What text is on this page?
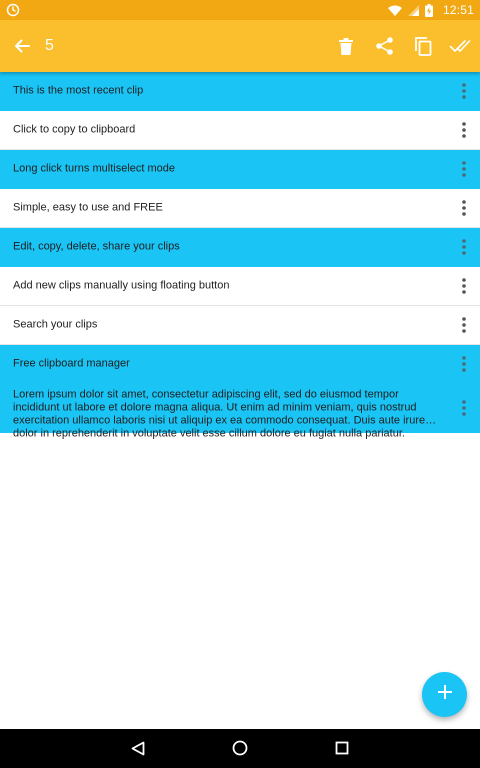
12:51
5
This is the most recent clip
Click to copy to clipboard
Long click turns multiselect mode
Simple, easy to use and FREE
Edit, copy, delete, share your clips
Add new clips manually using floating button
Search your clips
Free clipboard manager
Lorem ipsum dolor sit amet, consectetur adipiscing elit, sed do eiusmod tempor incididunt ut labore et dolore magna aliqua. Ut enim ad minim veniam, quis nostrud exercitation ullamco laboris nisi ut aliquip ex ea commodo consequat. Duis aute irure dolor in reprehenderit in voluptate velit esse cillum dolore eu fugiat nulla pariatur.
